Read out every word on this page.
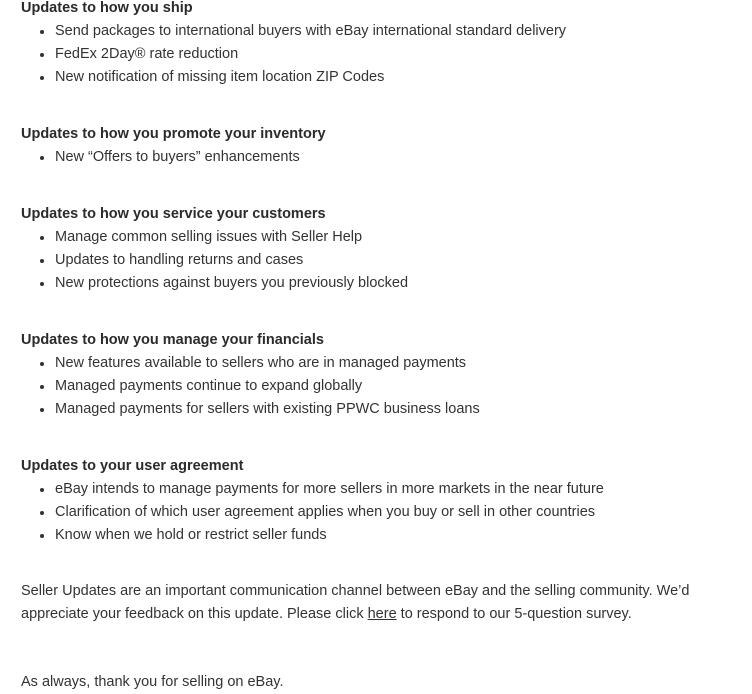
Updates to how you ship
Send packages to international buyers with eBay international standard delivery
FedEx 2Day® rate reduction
New notification of missing item location ZIP Codes
Updates to how you promote your inventory
New “Offers to buyers” enhancements
Updates to how you service your customers
Manage common selling issues with Seller Help
Updates to handling returns and cases
New protections against buyers you previously blocked
Updates to how you manage your financials
New features available to sellers who are in managed payments
Managed payments continue to expand globally
Managed payments for sellers with existing PPWC business loans
Updates to your user agreement
eBay intends to manage payments for more sellers in more markets in the near future
Clarification of which user agreement applies when you buy or sell in other countries
Know when we hold or restrict seller funds

Seller Updates are an important communication channel between eBay and the selling community. We’d
appreciate your feedback on this update. Please click here to respond to our 5-question survey.

As always, thank you for selling on eBay.
